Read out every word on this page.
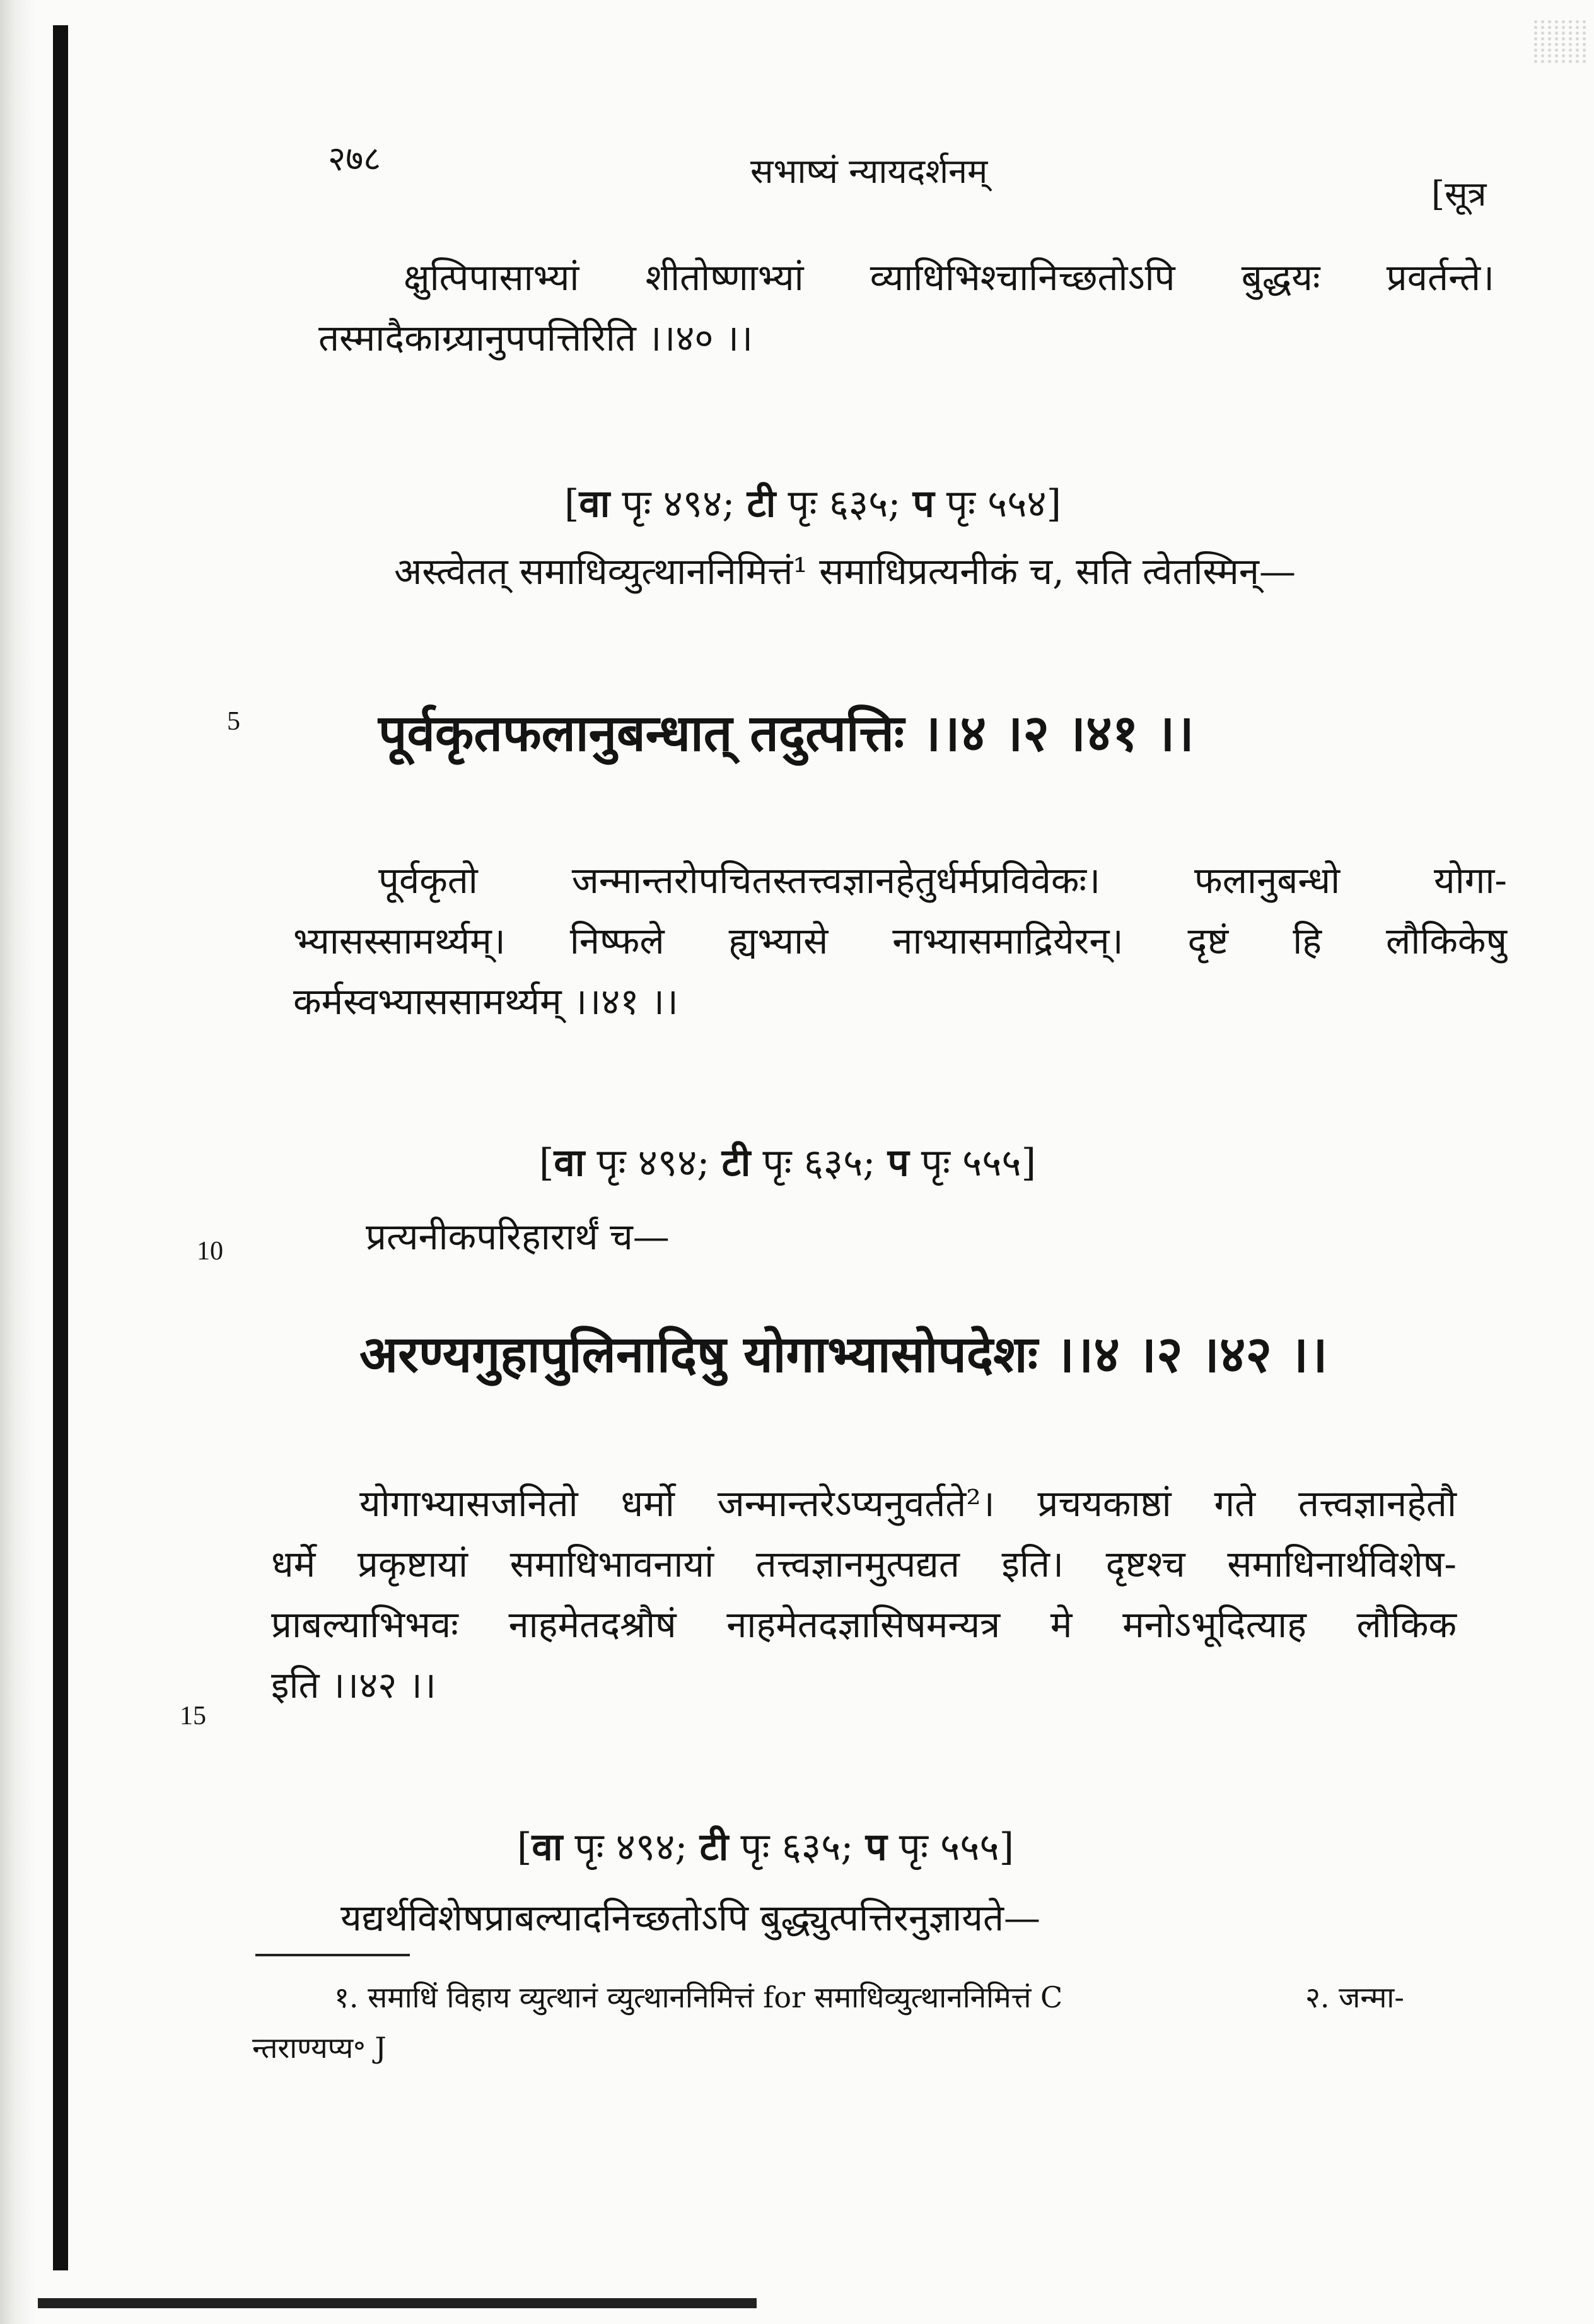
२७८	सभाष्यं न्यायदर्शनम्
[सूत्र
क्षुत्पिपासाभ्यां शीतोष्णाभ्यां व्याधिभिश्चानिच्छतोऽपि बुद्धयः प्रवर्तन्ते।
तस्मादैकाग्र्यानुपपत्तिरिति ।।४० ।।
[वा पृः ४९४; टी पृः ६३५; प पृः ५५४]
अस्त्वेतत् समाधिव्युत्थाननिमित्तं¹ समाधिप्रत्यनीकं च, सति त्वेतस्मिन्—
5	पूर्वकृतफलानुबन्धात् तदुत्पत्तिः ।।४ ।२ ।४१ ।।
पूर्वकृतो जन्मान्तरोपचितस्तत्त्वज्ञानहेतुर्धर्मप्रविवेकः। फलानुबन्धो योगा-
भ्यासस्सामर्थ्यम्। निष्फले ह्यभ्यासे नाभ्यासमाद्रियेरन्। दृष्टं हि लौकिकेषु
कर्मस्वभ्याससामर्थ्यम् ।।४१ ।।
[वा पृः ४९४; टी पृः ६३५; प पृः ५५५]
10	प्रत्यनीकपरिहारार्थं च—
अरण्यगुहापुलिनादिषु योगाभ्यासोपदेशः ।।४ ।२ ।४२ ।।
योगाभ्यासजनितो धर्मो जन्मान्तरेऽप्यनुवर्तते²। प्रचयकाष्ठां गते तत्त्वज्ञानहेतौ
धर्मे प्रकृष्टायां समाधिभावनायां तत्त्वज्ञानमुत्पद्यत इति। दृष्टश्च समाधिनार्थविशेष-
प्राबल्याभिभवः नाहमेतदश्रौषं नाहमेतदज्ञासिषमन्यत्र मे मनोऽभूदित्याह लौकिक
15
इति ।।४२ ।।
[वा पृः ४९४; टी पृः ६३५; प पृः ५५५]
यद्यर्थविशेषप्राबल्यादनिच्छतोऽपि बुद्ध्युत्पत्तिरनुज्ञायते—
१. समाधिं विहाय व्युत्थानं व्युत्थाननिमित्तं for समाधिव्युत्थाननिमित्तं C	२. जन्मा-
न्तराण्यप्य॰ J
